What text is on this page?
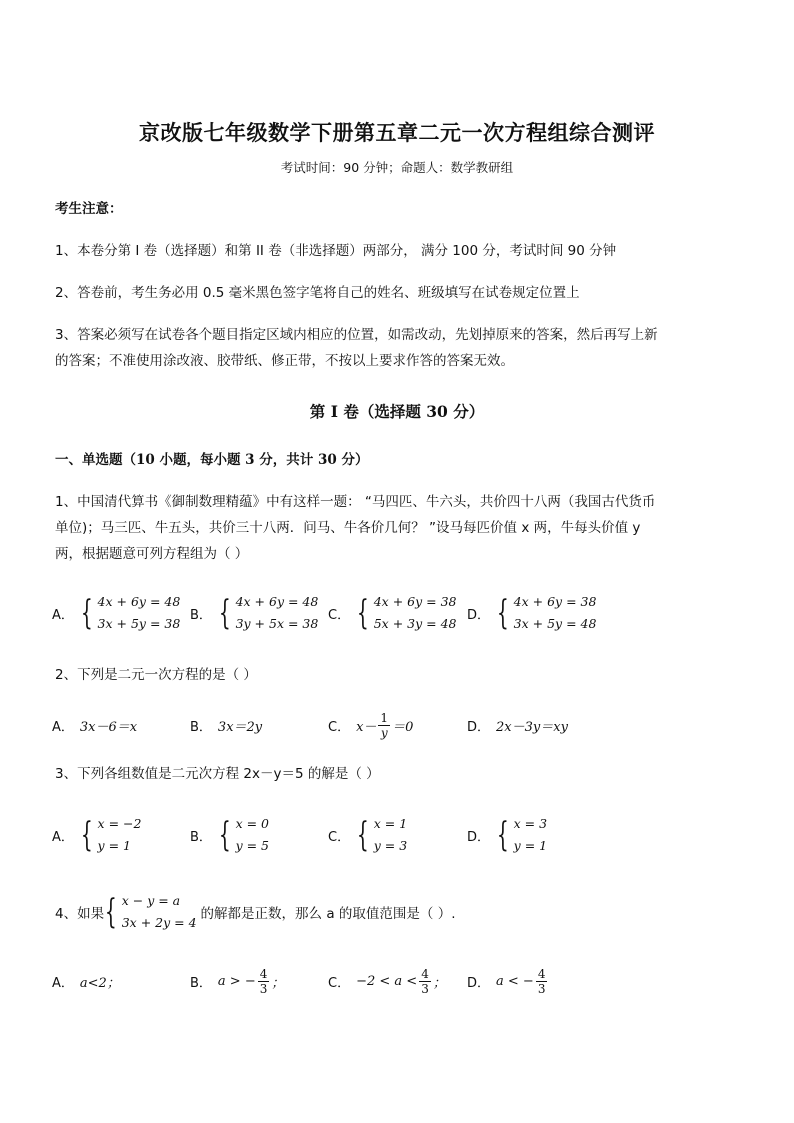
京改版七年级数学下册第五章二元一次方程组综合测评
考试时间：90 分钟；命题人：数学教研组
考生注意：
1、本卷分第 I 卷（选择题）和第 II 卷（非选择题）两部分， 满分 100 分，考试时间 90 分钟
2、答卷前，考生务必用 0.5 毫米黑色签字笔将自己的姓名、班级填写在试卷规定位置上
3、答案必须写在试卷各个题目指定区域内相应的位置，如需改动，先划掉原来的答案，然后再写上新
的答案；不准使用涂改液、胶带纸、修正带，不按以上要求作答的答案无效。
第 I 卷（选择题 30 分）
一、单选题（10 小题，每小题 3 分，共计 30 分）
1、中国清代算书《御制数理精蕴》中有这样一题： “马四匹、牛六头，共价四十八两（我国古代货币
单位)；马三匹、牛五头，共价三十八两．问马、牛各价几何？ ”设马每匹价值 x 两，牛每头价值 y
两，根据题意可列方程组为（ ）
A． { 4x + 6y = 48
3x + 5y = 38
B． { 4x + 6y = 48
3y + 5x = 38
C． { 4x + 6y = 38
5x + 3y = 48
D． { 4x + 6y = 38
3x + 5y = 48
2、下列是二元一次方程的是（ ）
A． 3x－6＝x	B． 3x＝2y	C． $x- \frac{1}{y} =0$	D． 2x－3y＝xy
3、下列各组数值是二元次方程 2x－y＝5 的解是（ ）
A． { x = −2
y = 1
B． { x = 0
y = 5
C． { x = 1
y = 3
D． { x = 3
y = 1
4、如果 { x − y = a
3x + 2y = 4
的解都是正数，那么 a 的取值范围是（ ）.
A． a<2；	B． a > − $\frac{4}{3}$ ；	C． $-2 < a < \frac{4}{3}$ ； D． a < − $\frac{4}{3}$
